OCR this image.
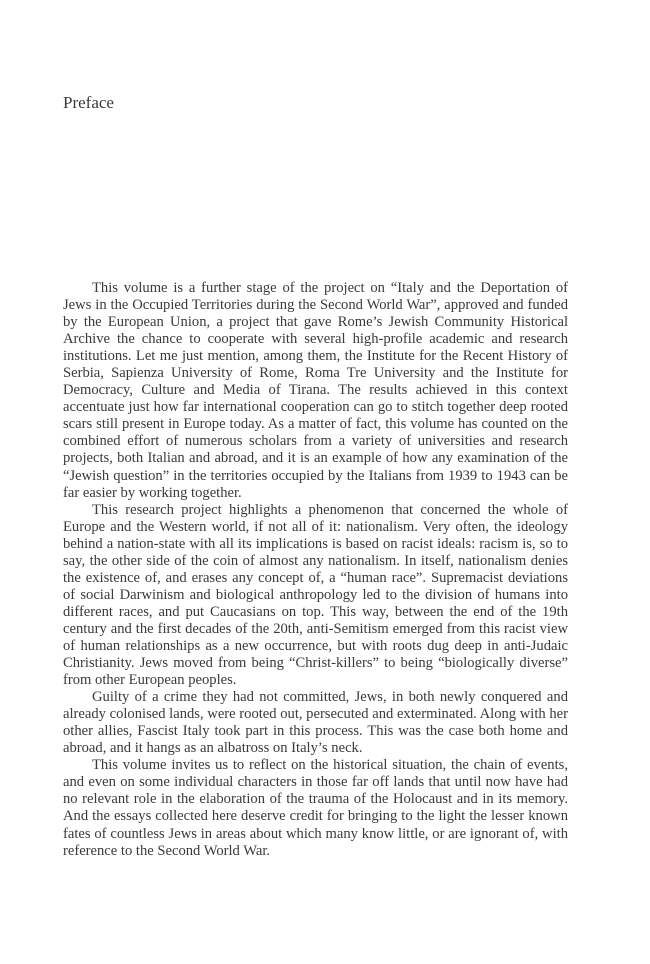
Preface

This volume is a further stage of the project on “Italy and the Deportation of Jews in the Occupied Territories during the Second World War”, approved and funded by the European Union, a project that gave Rome’s Jewish Community Historical Archive the chance to cooperate with several high-profile academic and research institutions. Let me just mention, among them, the Institute for the Recent History of Serbia, Sapienza University of Rome, Roma Tre University and the Institute for Democracy, Culture and Media of Tirana. The results achieved in this context accentuate just how far international cooperation can go to stitch together deep rooted scars still present in Europe today. As a matter of fact, this volume has counted on the combined effort of numerous scholars from a variety of universities and research projects, both Italian and abroad, and it is an example of how any examination of the “Jewish question” in the territories occupied by the Italians from 1939 to 1943 can be far easier by working together.

This research project highlights a phenomenon that concerned the whole of Europe and the Western world, if not all of it: nationalism. Very often, the ideology behind a nation-state with all its implications is based on racist ideals: racism is, so to say, the other side of the coin of almost any nationalism. In itself, nationalism denies the existence of, and erases any concept of, a “human race”. Supremacist deviations of social Darwinism and biological anthropology led to the division of humans into different races, and put Caucasians on top. This way, between the end of the 19th century and the first decades of the 20th, anti-Semitism emerged from this racist view of human relationships as a new occurrence, but with roots dug deep in anti-Judaic Christianity. Jews moved from being “Christ-killers” to being “biologically diverse” from other European peoples.

Guilty of a crime they had not committed, Jews, in both newly conquered and already colonised lands, were rooted out, persecuted and exterminated. Along with her other allies, Fascist Italy took part in this process. This was the case both home and abroad, and it hangs as an albatross on Italy’s neck.

This volume invites us to reflect on the historical situation, the chain of events, and even on some individual characters in those far off lands that until now have had no relevant role in the elaboration of the trauma of the Holocaust and in its memory. And the essays collected here deserve credit for bringing to the light the lesser known fates of countless Jews in areas about which many know little, or are ignorant of, with reference to the Second World War.
